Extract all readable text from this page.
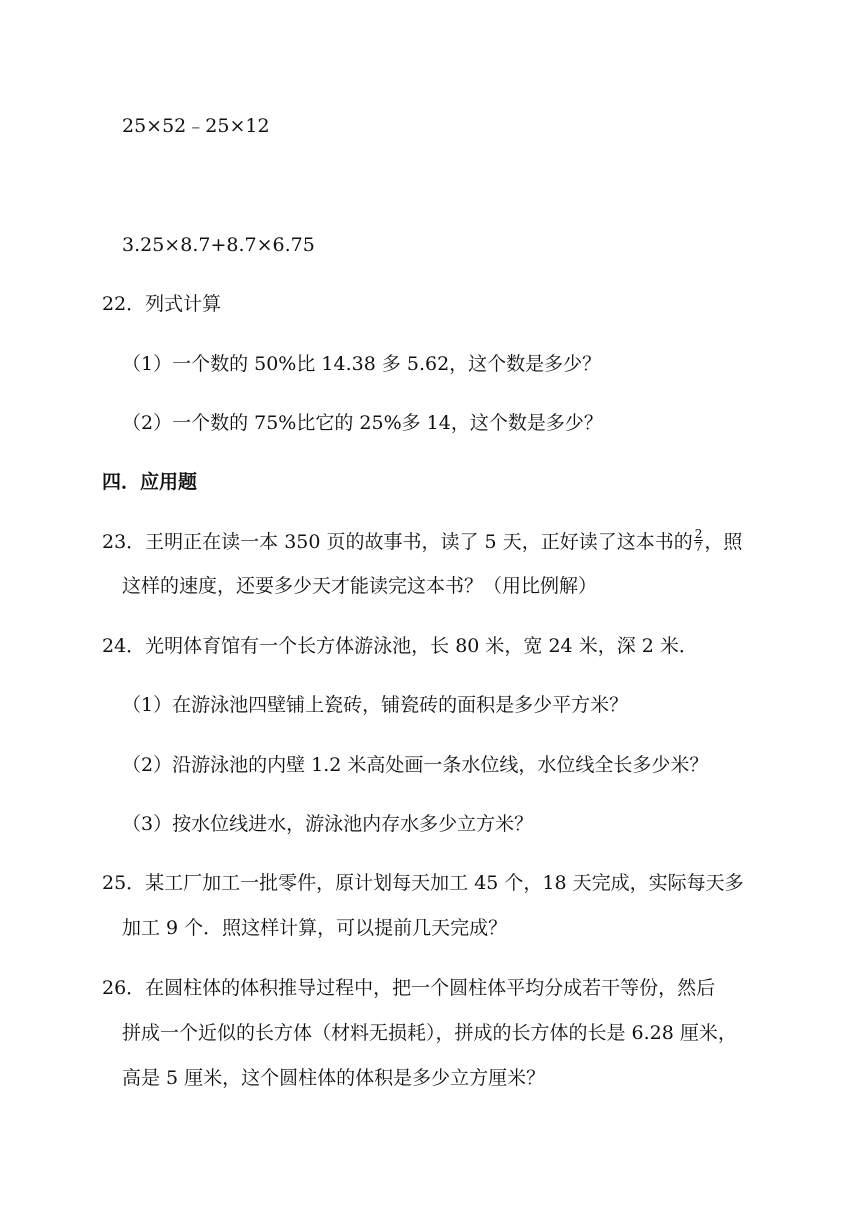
25×52﹣25×12
3.25×8.7+8.7×6.75
22．列式计算
（1）一个数的 50%比 14.38 多 5.62，这个数是多少？
（2）一个数的 75%比它的 25%多 14，这个数是多少？
四．应用题
23．王明正在读一本 350 页的故事书，读了 5 天，正好读了这本书的 $\frac{2}{7}$ ，照
这样的速度，还要多少天才能读完这本书？（用比例解）
24．光明体育馆有一个长方体游泳池，长 80 米，宽 24 米，深 2 米．
（1）在游泳池四壁铺上瓷砖，铺瓷砖的面积是多少平方米？
（2）沿游泳池的内壁 1.2 米高处画一条水位线，水位线全长多少米？
（3）按水位线进水，游泳池内存水多少立方米？
25．某工厂加工一批零件，原计划每天加工 45 个，18 天完成，实际每天多
加工 9 个．照这样计算，可以提前几天完成？
26．在圆柱体的体积推导过程中，把一个圆柱体平均分成若干等份，然后
拼成一个近似的长方体（材料无损耗），拼成的长方体的长是 6.28 厘米，
高是 5 厘米，这个圆柱体的体积是多少立方厘米？
